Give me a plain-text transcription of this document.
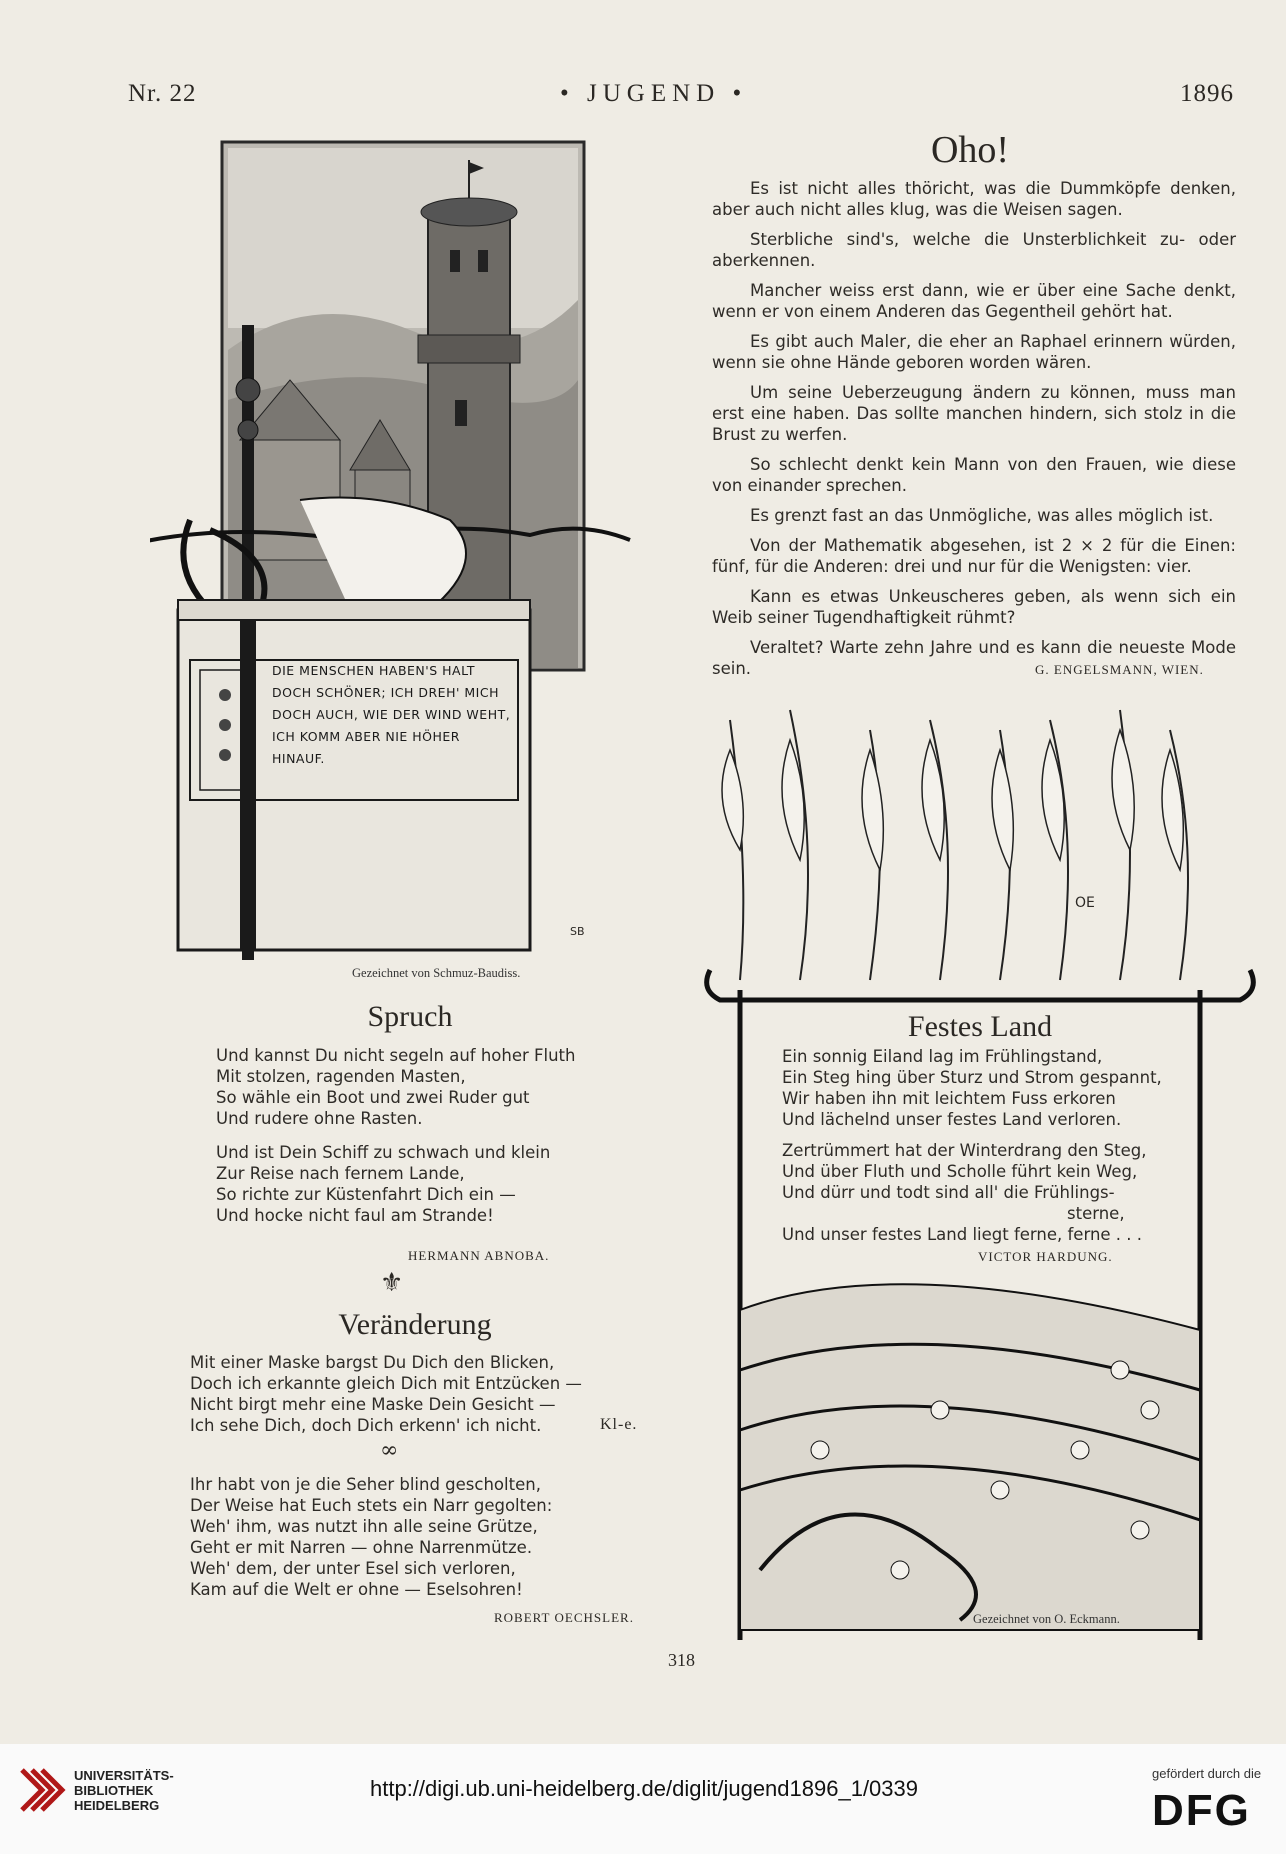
Nr. 22	• JUGEND •	1896
DIE MENSCHEN HABEN'S HALT
DOCH SCHÖNER; ICH DREH' MICH
DOCH AUCH, WIE DER WIND WEHT,
ICH KOMM ABER NIE HÖHER HINAUF.
SB
Gezeichnet von Schmuz-Baudiss.
Oho!

Es ist nicht alles thöricht, was die Dummköpfe denken, aber auch nicht alles klug, was die Weisen sagen.

Sterbliche sind's, welche die Unsterblichkeit zu- oder aberkennen.

Mancher weiss erst dann, wie er über eine Sache denkt, wenn er von einem Anderen das Gegentheil gehört hat.

Es gibt auch Maler, die eher an Raphael erinnern würden, wenn sie ohne Hände geboren worden wären.

Um seine Ueberzeugung ändern zu können, muss man erst eine haben. Das sollte manchen hindern, sich stolz in die Brust zu werfen.

So schlecht denkt kein Mann von den Frauen, wie diese von einander sprechen.

Es grenzt fast an das Unmögliche, was alles möglich ist.

Von der Mathematik abgesehen, ist 2 × 2 für die Einen: fünf, für die Anderen: drei und nur für die Wenigsten: vier.

Kann es etwas Unkeuscheres geben, als wenn sich ein Weib seiner Tugendhaftigkeit rühmt?

Veraltet? Warte zehn Jahre und es kann die neueste Mode sein.	G. ENGELSMANN, WIEN.
OE
Festes Land
Ein sonnig Eiland lag im Frühlingstand,
Ein Steg hing über Sturz und Strom gespannt,
Wir haben ihn mit leichtem Fuss erkoren
Und lächelnd unser festes Land verloren.
Zertrümmert hat der Winterdrang den Steg,
Und über Fluth und Scholle führt kein Weg,
Und dürr und todt sind all' die Frühlings-
sterne,
Und unser festes Land liegt ferne, ferne . . .
VICTOR HARDUNG.
Gezeichnet von O. Eckmann.
Spruch
Und kannst Du nicht segeln auf hoher Fluth
Mit stolzen, ragenden Masten,
So wähle ein Boot und zwei Ruder gut
Und rudere ohne Rasten.
Und ist Dein Schiff zu schwach und klein
Zur Reise nach fernem Lande,
So richte zur Küstenfahrt Dich ein —
Und hocke nicht faul am Strande!
HERMANN ABNOBA.
⚜
Veränderung
Mit einer Maske bargst Du Dich den Blicken,
Doch ich erkannte gleich Dich mit Entzücken —
Nicht birgt mehr eine Maske Dein Gesicht —
Ich sehe Dich, doch Dich erkenn' ich nicht.	Kl-e.
∞
Ihr habt von je die Seher blind gescholten,
Der Weise hat Euch stets ein Narr gegolten:
Weh' ihm, was nutzt ihn alle seine Grütze,
Geht er mit Narren — ohne Narrenmütze.
Weh' dem, der unter Esel sich verloren,
Kam auf die Welt er ohne — Eselsohren!
ROBERT OECHSLER.
318
UNIVERSITÄTS-
BIBLIOTHEK
HEIDELBERG
http://digi.ub.uni-heidelberg.de/diglit/jugend1896_1/0339
gefördert durch die
DFG
